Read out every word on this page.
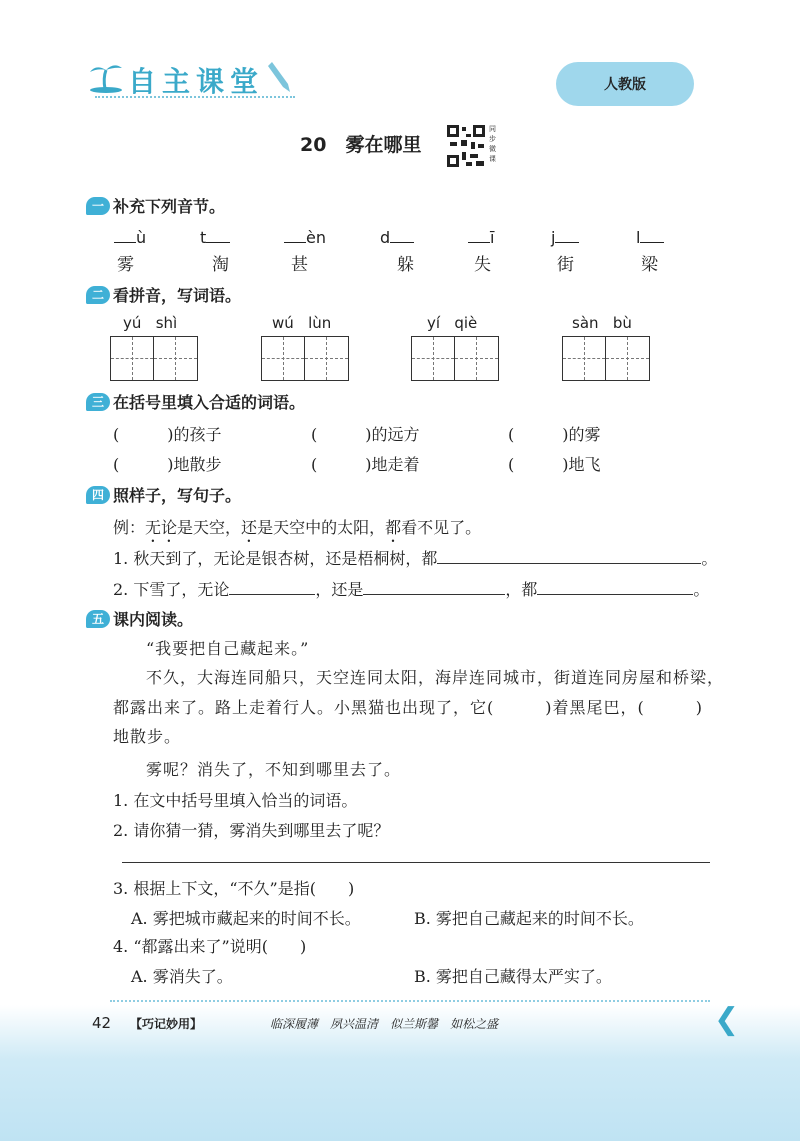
自主课堂	人教版
20　雾在哪里
同步微课
一 补充下列音节。
ù	t	èn	d	ī	j	l
雾	淘	甚	躲	失	街	梁
二 看拼音，写词语。
yú shì	wú lùn	yí qiè	sàn bù
三 在括号里填入合适的词语。
(　　　)的孩子	(　　　)的远方	(　　　)的雾
(　　　)地散步	(　　　)地走着	(　　　)地飞
四 照样子，写句子。
例：无论是天空，还是天空中的太阳，都看不见了。
1. 秋天到了，无论是银杏树，还是梧桐树，都	。
2. 下雪了，无论	，还是	，都	。
五 课内阅读。
“我要把自己藏起来。”
不久，大海连同船只，天空连同太阳，海岸连同城市，街道连同房屋和桥梁，
都露出来了。路上走着行人。小黑猫也出现了，它(　　　)着黑尾巴，(　　　)
地散步。
雾呢？消失了，不知到哪里去了。
1. 在文中括号里填入恰当的词语。
2. 请你猜一猜，雾消失到哪里去了呢？
3. 根据上下文，“不久”是指(　　)
A. 雾把城市藏起来的时间不长。	B. 雾把自己藏起来的时间不长。
4. “都露出来了”说明(　　)
A. 雾消失了。	B. 雾把自己藏得太严实了。
42 【巧记妙用】	临深履薄　夙兴温清　似兰斯馨　如松之盛	❮
